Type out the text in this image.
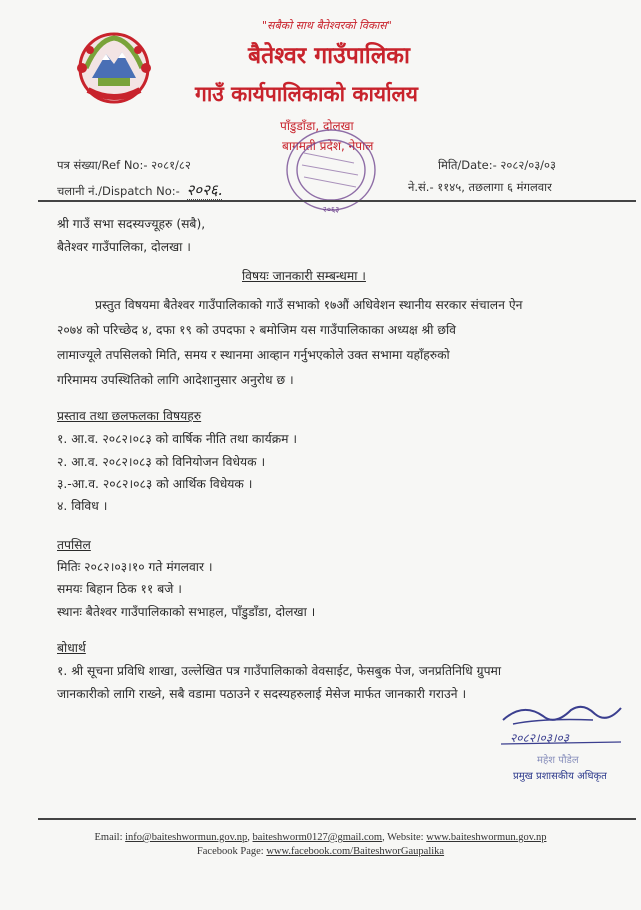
"सबैको साथ बैतेश्वरको विकास"
बैतेश्वर गाउँपालिका
गाउँ कार्यपालिकाको कार्यालय
पाँडुडाँडा, दोलखा
बागमती प्रदेश, नेपाल
२०६३
पत्र संख्या/Ref No:- २०८१/८२
चलानी नं./Dispatch No:- २०२६.
मिति/Date:- २०८२/०३/०३
ने.सं.- ११४५, तछलागा ६ मंगलवार
श्री गाउँ सभा सदस्यज्यूहरु (सबै),
बैतेश्वर गाउँपालिका, दोलखा ।
विषयः जानकारी सम्बन्धमा ।
प्रस्तुत विषयमा बैतेश्वर गाउँपालिकाको गाउँ सभाको १७औं अधिवेशन स्थानीय सरकार संचालन ऐन
२०७४ को परिच्छेद ४, दफा १९ को उपदफा २ बमोजिम यस गाउँपालिकाका अध्यक्ष श्री छवि
लामाज्यूले तपसिलको मिति, समय र स्थानमा आव्हान गर्नुभएकोले उक्त सभामा यहाँहरुको
गरिमामय उपस्थितिको लागि आदेशानुसार अनुरोध छ ।
प्रस्ताव तथा छलफलका विषयहरु
१. आ.व. २०८२।०८३ को वार्षिक नीति तथा कार्यक्रम ।
२. आ.व. २०८२।०८३ को विनियोजन विधेयक ।
३.-आ.व. २०८२।०८३ को आर्थिक विधेयक ।
४. विविध ।
तपसिल
मितिः २०८२।०३।१० गते मंगलवार ।
समयः बिहान ठिक ११ बजे ।
स्थानः बैतेश्वर गाउँपालिकाको सभाहल, पाँडुडाँडा, दोलखा ।
बोधार्थ
१. श्री सूचना प्रविधि शाखा, उल्लेखित पत्र गाउँपालिकाको वेवसाईट, फेसबुक पेज, जनप्रतिनिधि ग्रुपमा
जानकारीको लागि राख्ने, सबै वडामा पठाउने र सदस्यहरुलाई मेसेज मार्फत जानकारी गराउने ।
२०८२।०३।०३
महेश पौडेल
प्रमुख प्रशासकीय अधिकृत
Email: info@baiteshwormun.gov.np, baiteshworm0127@gmail.com, Website: www.baiteshwormun.gov.np
Facebook Page: www.facebook.com/BaiteshworGaupalika
